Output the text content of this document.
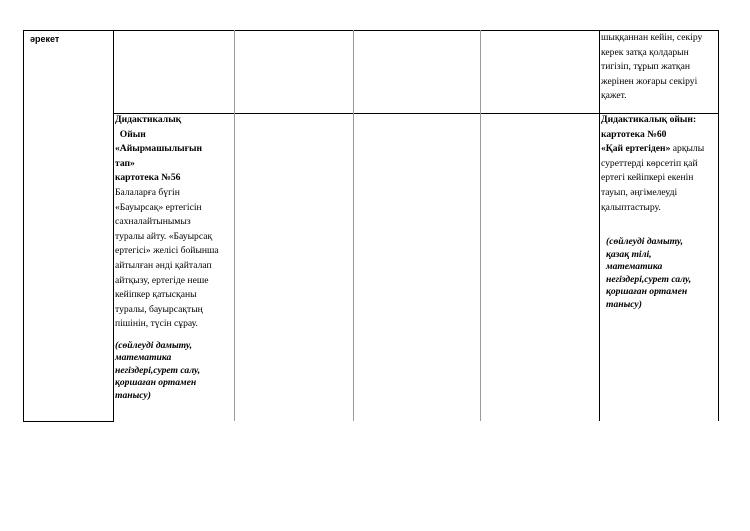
әрекет	шыққаннан кейін, секіру
керек затқа қолдарын
тигізіп, тұрып жатқан
жерінен жоғары секіруі
қажет.
Дидактикалық
Ойын
«Айырмашылығын
тап»
картотека №56
Балаларға бүгін
«Бауырсақ» ертегісін
сахналайтынымыз
туралы айту. «Бауырсақ
ертегісі» желісі бойынша
айтылған әнді қайталап
айтқызу, ертегіде неше
кейіпкер қатысқаны
туралы, бауырсақтың
пішінін, түсін сұрау.
(сөйлеуді дамыту,
математика
негіздері,сурет салу,
қоршаған ортамен
танысу)
Дидактикалық ойын:
картотека №60
«Қай ертегіден» арқылы
суреттерді көрсетіп қай
ертегі кейіпкері екенін
тауып, әңгімелеуді
қалыптастыру.
(сөйлеуді дамыту,
қазақ тілі,
математика
негіздері,сурет салу,
қоршаған ортамен
танысу)
